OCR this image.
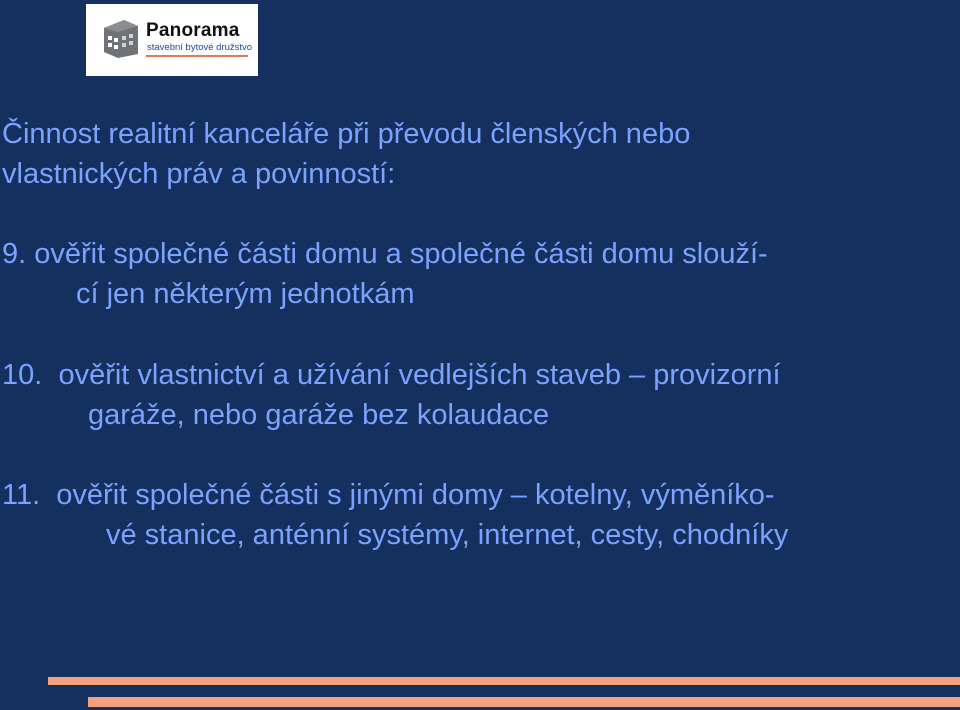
Panorama
stavební bytové družstvo
Činnost realitní kanceláře při převodu členských nebo
vlastnických práv a povinností:
9. ověřit společné části domu a společné části domu slouží-
cí jen některým jednotkám
10. ověřit vlastnictví a užívání vedlejších staveb – provizorní
garáže, nebo garáže bez kolaudace
11. ověřit společné části s jinými domy – kotelny, výměníko-
vé stanice, anténní systémy, internet, cesty, chodníky
